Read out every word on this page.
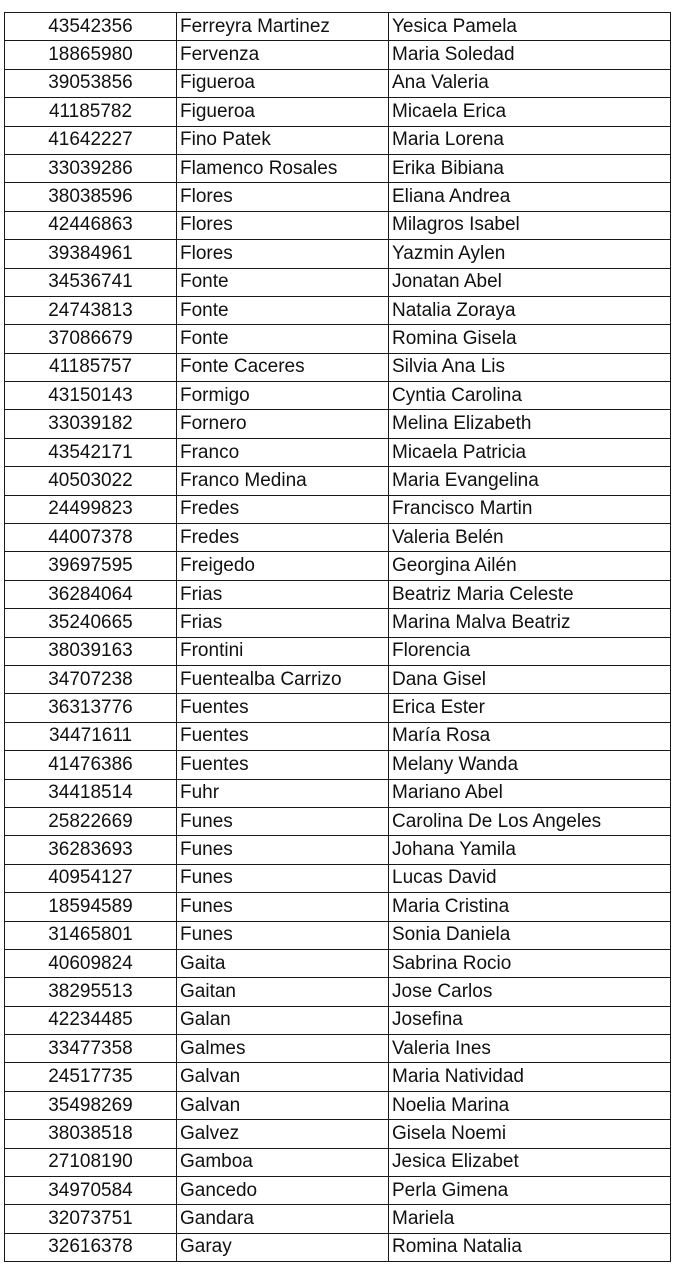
43542356	Ferreyra Martinez	Yesica Pamela
18865980	Fervenza	Maria Soledad
39053856	Figueroa	Ana Valeria
41185782	Figueroa	Micaela Erica
41642227	Fino Patek	Maria Lorena
33039286	Flamenco Rosales	Erika Bibiana
38038596	Flores	Eliana Andrea
42446863	Flores	Milagros Isabel
39384961	Flores	Yazmin Aylen
34536741	Fonte	Jonatan Abel
24743813	Fonte	Natalia Zoraya
37086679	Fonte	Romina Gisela
41185757	Fonte Caceres	Silvia Ana Lis
43150143	Formigo	Cyntia Carolina
33039182	Fornero	Melina Elizabeth
43542171	Franco	Micaela Patricia
40503022	Franco Medina	Maria Evangelina
24499823	Fredes	Francisco Martin
44007378	Fredes	Valeria Belén
39697595	Freigedo	Georgina Ailén
36284064	Frias	Beatriz Maria Celeste
35240665	Frias	Marina Malva Beatriz
38039163	Frontini	Florencia
34707238	Fuentealba Carrizo	Dana Gisel
36313776	Fuentes	Erica Ester
34471611	Fuentes	María Rosa
41476386	Fuentes	Melany Wanda
34418514	Fuhr	Mariano Abel
25822669	Funes	Carolina De Los Angeles
36283693	Funes	Johana Yamila
40954127	Funes	Lucas David
18594589	Funes	Maria Cristina
31465801	Funes	Sonia Daniela
40609824	Gaita	Sabrina Rocio
38295513	Gaitan	Jose Carlos
42234485	Galan	Josefina
33477358	Galmes	Valeria Ines
24517735	Galvan	Maria Natividad
35498269	Galvan	Noelia Marina
38038518	Galvez	Gisela Noemi
27108190	Gamboa	Jesica Elizabet
34970584	Gancedo	Perla Gimena
32073751	Gandara	Mariela
32616378	Garay	Romina Natalia
